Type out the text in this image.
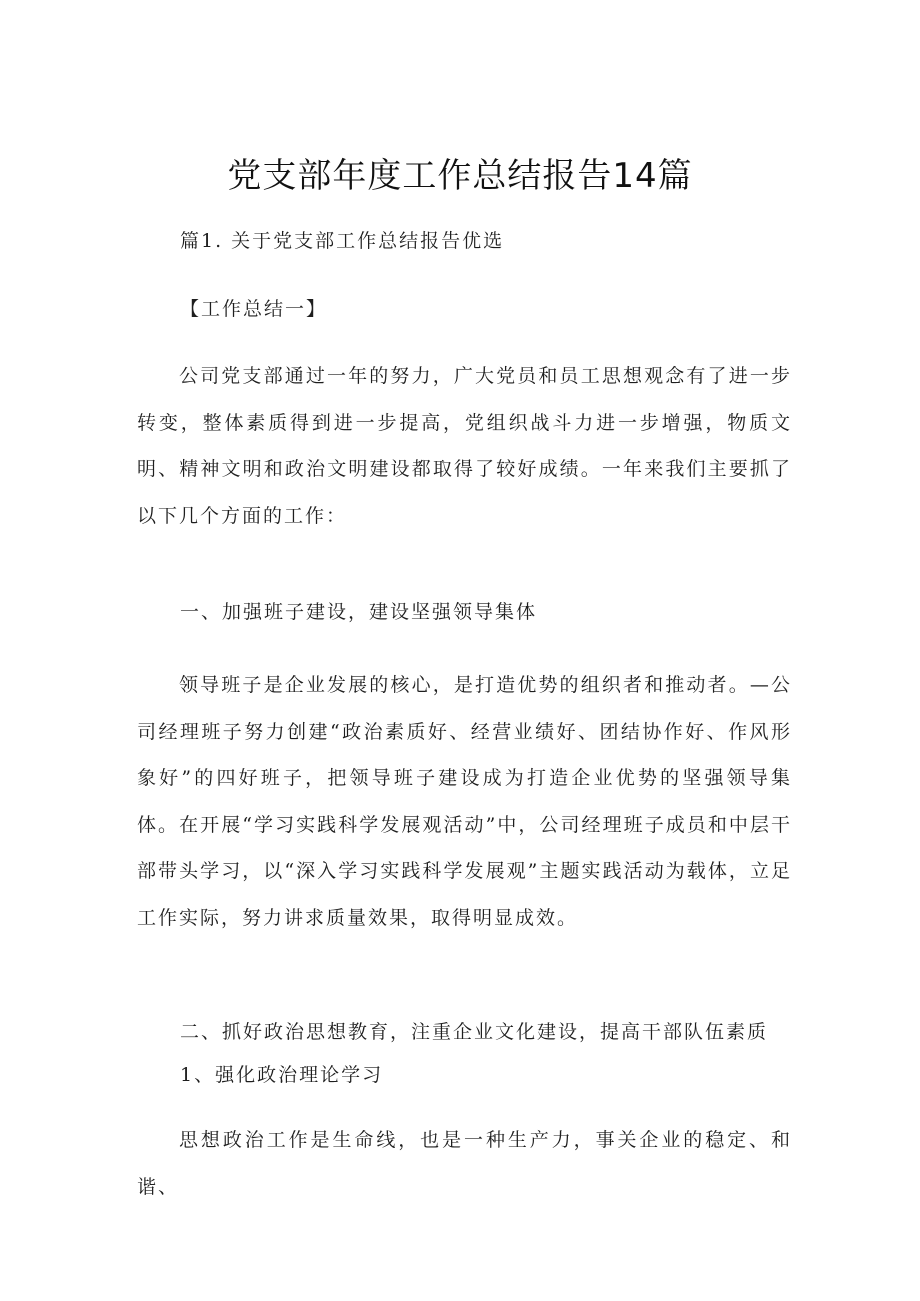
党支部年度工作总结报告14篇
篇1. 关于党支部工作总结报告优选
【工作总结一】
公司党支部通过一年的努力，广大党员和员工思想观念有了进一步转变，整体素质得到进一步提高，党组织战斗力进一步增强，物质文明、精神文明和政治文明建设都取得了较好成绩。一年来我们主要抓了以下几个方面的工作：
一、加强班子建设，建设坚强领导集体
领导班子是企业发展的核心，是打造优势的组织者和推动者。—公司经理班子努力创建“政治素质好、经营业绩好、团结协作好、作风形象好”的四好班子，把领导班子建设成为打造企业优势的坚强领导集体。在开展“学习实践科学发展观活动”中，公司经理班子成员和中层干部带头学习，以“深入学习实践科学发展观”主题实践活动为载体，立足工作实际，努力讲求质量效果，取得明显成效。
二、抓好政治思想教育，注重企业文化建设，提高干部队伍素质
1、强化政治理论学习
思想政治工作是生命线，也是一种生产力，事关企业的稳定、和谐、
